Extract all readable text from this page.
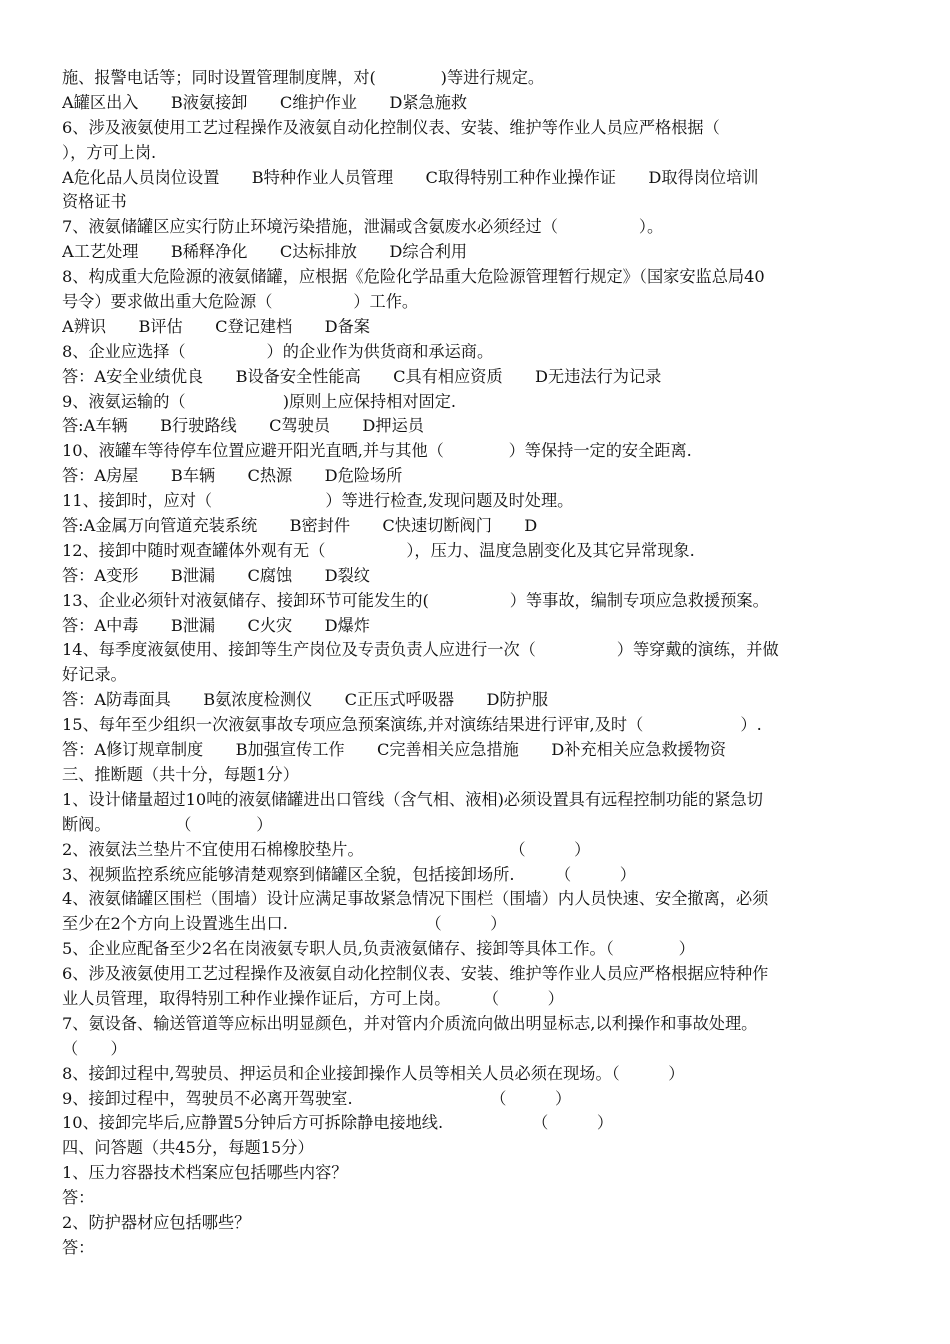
施、报警电话等；同时设置管理制度牌，对(　　　　)等进行规定。
A罐区出入　　B液氨接卸　　C维护作业　　D紧急施救
6、涉及液氨使用工艺过程操作及液氨自动化控制仪表、安装、维护等作业人员应严格根据（
），方可上岗.
A危化品人员岗位设置　　B特种作业人员管理　　C取得特别工种作业操作证　　D取得岗位培训
资格证书
7、液氨储罐区应实行防止环境污染措施，泄漏或含氨废水必须经过（　　　　　）。
A工艺处理　　B稀释净化　　C达标排放　　D综合利用
8、构成重大危险源的液氨储罐，应根据《危险化学品重大危险源管理暂行规定》（国家安监总局40
号令）要求做出重大危险源（　　　　　）工作。
A辨识　　B评估　　C登记建档　　D备案
8、企业应选择（　　　　　）的企业作为供货商和承运商。
答：A安全业绩优良　　B设备安全性能高　　C具有相应资质　　D无违法行为记录
9、液氨运输的（　　　　　　)原则上应保持相对固定.
答:A车辆　　B行驶路线　　C驾驶员　　D押运员
10、液罐车等待停车位置应避开阳光直晒,并与其他（　　　　）等保持一定的安全距离.
答：A房屋　　B车辆　　C热源　　D危险场所
11、接卸时，应对（　　　　　　　）等进行检查,发现问题及时处理。
答:A金属万向管道充装系统　　B密封件　　C快速切断阀门　　D
12、接卸中随时观查罐体外观有无（　　　　　），压力、温度急剧变化及其它异常现象.
答：A变形　　B泄漏　　C腐蚀　　D裂纹
13、企业必须针对液氨储存、接卸环节可能发生的(　　　　　）等事故，编制专项应急救援预案。
答：A中毒　　B泄漏　　C火灾　　D爆炸
14、每季度液氨使用、接卸等生产岗位及专责负责人应进行一次（　　　　　）等穿戴的演练，并做
好记录。
答：A防毒面具　　B氨浓度检测仪　　C正压式呼吸器　　D防护服
15、每年至少组织一次液氨事故专项应急预案演练,并对演练结果进行评审,及时（　　　　　　）.
答：A修订规章制度　　B加强宣传工作　　C完善相关应急措施　　D补充相关应急救援物资
三、推断题（共十分，每题1分）
1、设计储量超过10吨的液氨储罐进出口管线（含气相、液相)必须设置具有远程控制功能的紧急切
断阀。　　　　　（　　　　）
2、液氨法兰垫片不宜使用石棉橡胶垫片。　　　　　　　　　　（　　　）
3、视频监控系统应能够清楚观察到储罐区全貌，包括接卸场所.　　　（　　　）
4、液氨储罐区围栏（围墙）设计应满足事故紧急情况下围栏（围墙）内人员快速、安全撤离，必须
至少在2个方向上设置逃生出口.　　　　　　　　　（　　　）
5、企业应配备至少2名在岗液氨专职人员,负责液氨储存、接卸等具体工作。（　　　　）
6、涉及液氨使用工艺过程操作及液氨自动化控制仪表、安装、维护等作业人员应严格根据应特种作
业人员管理，取得特别工种作业操作证后，方可上岗。　　　（　　　）
7、氨设备、输送管道等应标出明显颜色，并对管内介质流向做出明显标志,以利操作和事故处理。
（　　）
8、接卸过程中,驾驶员、押运员和企业接卸操作人员等相关人员必须在现场。（　　　）
9、接卸过程中，驾驶员不必离开驾驶室.　　　　　　　　　（　　　）
10、接卸完毕后,应静置5分钟后方可拆除静电接地线.　　　　　　（　　　）
四、问答题（共45分，每题15分）
1、压力容器技术档案应包括哪些内容？
答：
2、防护器材应包括哪些？
答：
